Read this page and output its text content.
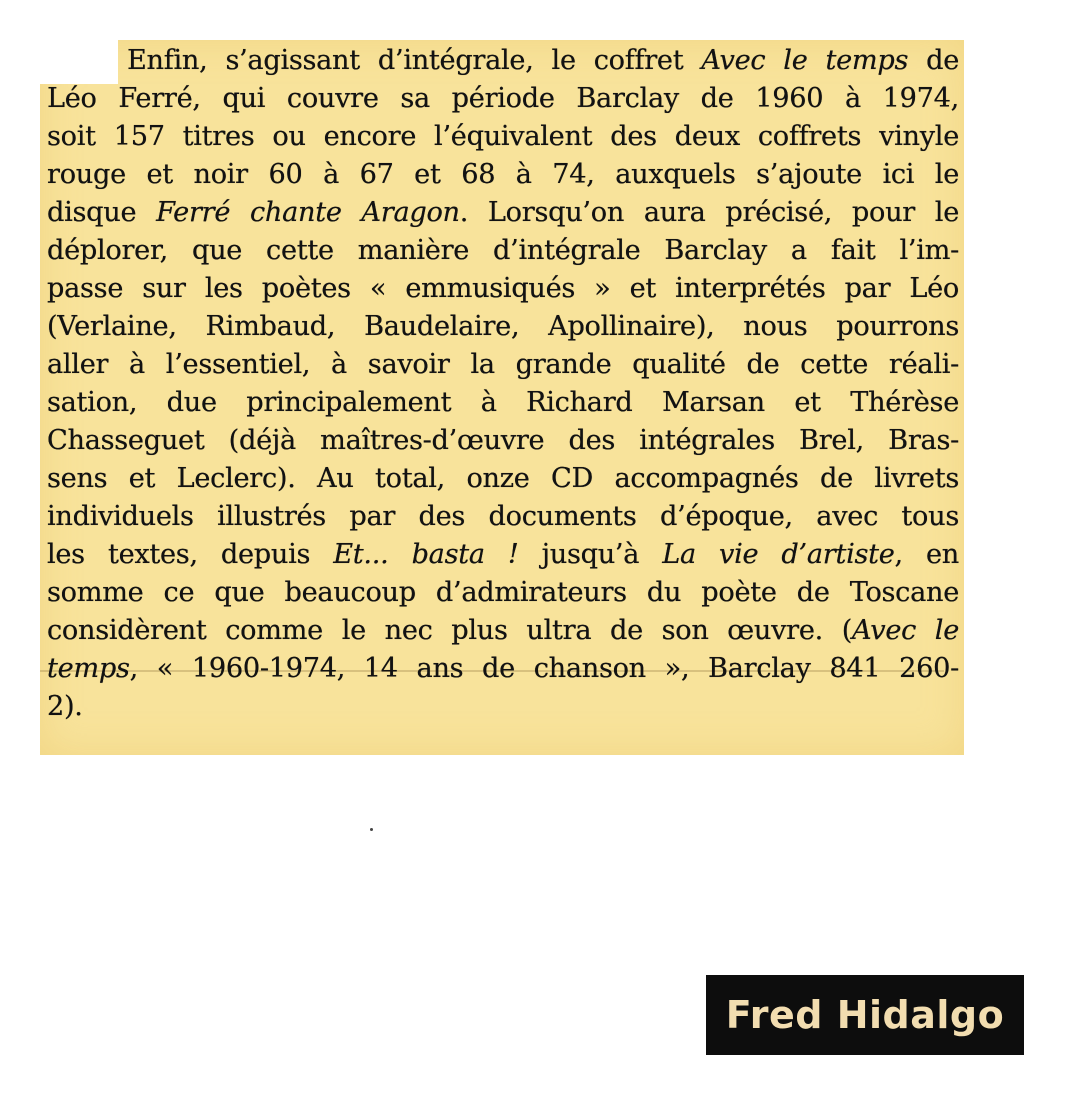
Enfin, s’agissant d’intégrale, le coffret Avec le temps de
Léo Ferré, qui couvre sa période Barclay de 1960 à 1974,
soit 157 titres ou encore l’équivalent des deux coffrets vinyle
rouge et noir 60 à 67 et 68 à 74, auxquels s’ajoute ici le
disque Ferré chante Aragon. Lorsqu’on aura précisé, pour le
déplorer, que cette manière d’intégrale Barclay a fait l’im-
passe sur les poètes « emmusiqués » et interprétés par Léo
(Verlaine, Rimbaud, Baudelaire, Apollinaire), nous pourrons
aller à l’essentiel, à savoir la grande qualité de cette réali-
sation, due principalement à Richard Marsan et Thérèse
Chasseguet (déjà maîtres-d’œuvre des intégrales Brel, Bras-
sens et Leclerc). Au total, onze CD accompagnés de livrets
individuels illustrés par des documents d’époque, avec tous
les textes, depuis Et... basta ! jusqu’à La vie d’artiste, en
somme ce que beaucoup d’admirateurs du poète de Toscane
considèrent comme le nec plus ultra de son œuvre. (Avec le
temps, « 1960-1974, 14 ans de chanson », Barclay 841 260-
2).
Fred Hidalgo
